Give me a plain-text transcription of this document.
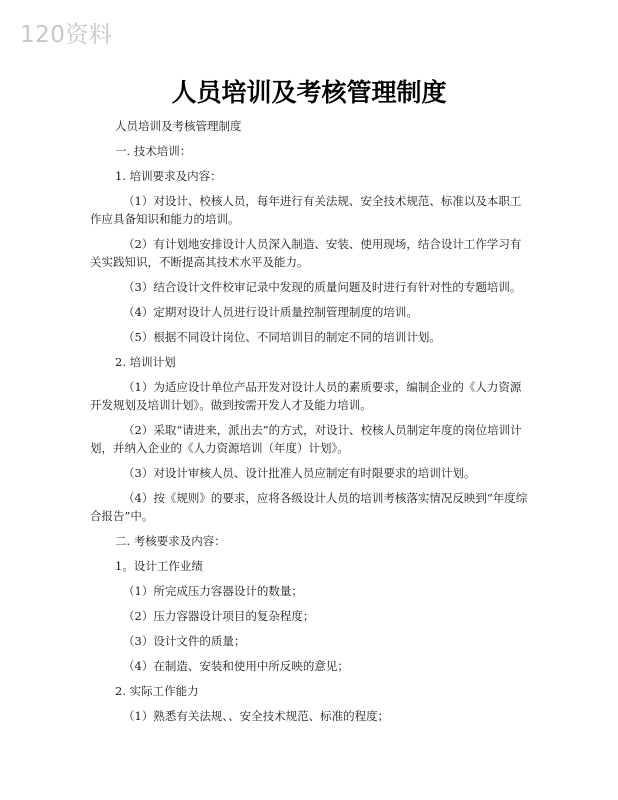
120资料
人员培训及考核管理制度

人员培训及考核管理制度

一. 技术培训：

1. 培训要求及内容：

（1）对设计、校核人员，每年进行有关法规、安全技术规范、标准以及本职工作应具备知识和能力的培训。

（2）有计划地安排设计人员深入制造、安装、使用现场，结合设计工作学习有关实践知识，不断提高其技术水平及能力。

（3）结合设计文件校审记录中发现的质量问题及时进行有针对性的专题培训。

（4）定期对设计人员进行设计质量控制管理制度的培训。

（5）根据不同设计岗位、不同培训目的制定不同的培训计划。

2. 培训计划

（1）为适应设计单位产品开发对设计人员的素质要求，编制企业的《人力资源开发规划及培训计划》。做到按需开发人才及能力培训。

（2）采取“请进来，派出去”的方式，对设计、校核人员制定年度的岗位培训计划，并纳入企业的《人力资源培训（年度）计划》。

（3）对设计审核人员、设计批准人员应制定有时限要求的培训计划。

（4）按《规则》的要求，应将各级设计人员的培训考核落实情况反映到“年度综合报告”中。

二. 考核要求及内容：

1。设计工作业绩

（1）所完成压力容器设计的数量；

（2）压力容器设计项目的复杂程度；

（3）设计文件的质量；

（4）在制造、安装和使用中所反映的意见；

2. 实际工作能力

（1）熟悉有关法规、、安全技术规范、标准的程度；
